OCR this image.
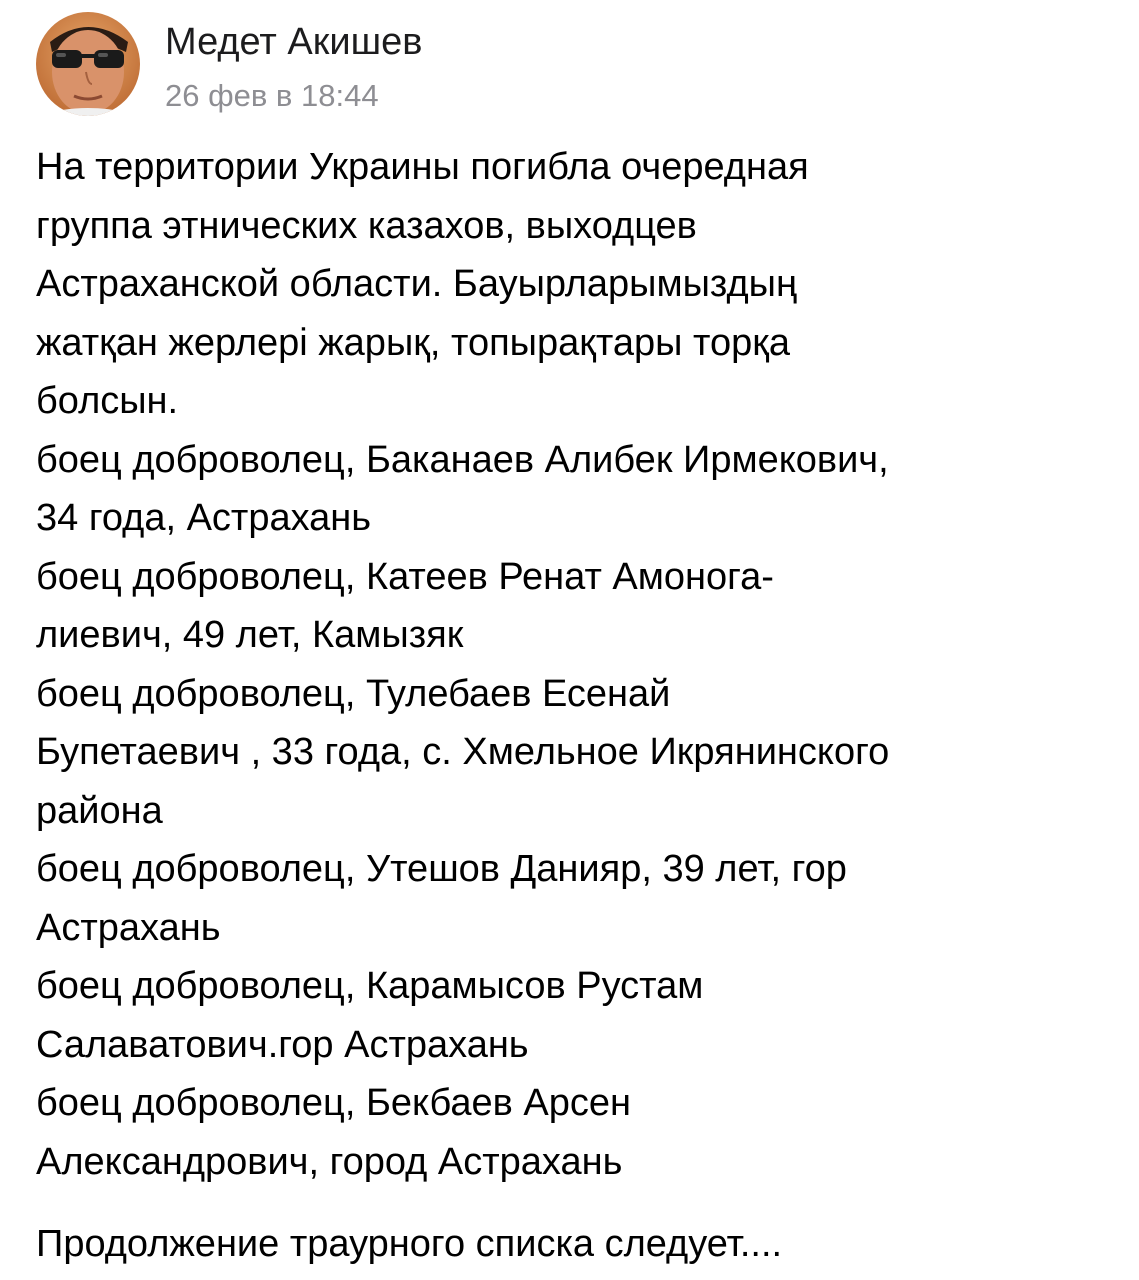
Медет Акишев
26 фев в 18:44
На территории Украины погибла очередная
группа этнических казахов, выходцев
Астраханской области. Бауырларымыздың
жатқан жерлері жарық, топырақтары торқа
болсын.
боец доброволец, Баканаев Алибек Ирмекович,
34 года, Астрахань
боец доброволец, Катеев Ренат Амонога-
лиевич, 49 лет, Камызяк
боец доброволец, Тулебаев Есенай
Бупетаевич , 33 года, с. Хмельное Икрянинского
района
боец доброволец, Утешов Данияр, 39 лет, гор
Астрахань
боец доброволец, Карамысов Рустам
Салаватович.гор Астрахань
боец доброволец, Бекбаев Арсен
Александрович, город Астрахань
Продолжение траурного списка следует....
